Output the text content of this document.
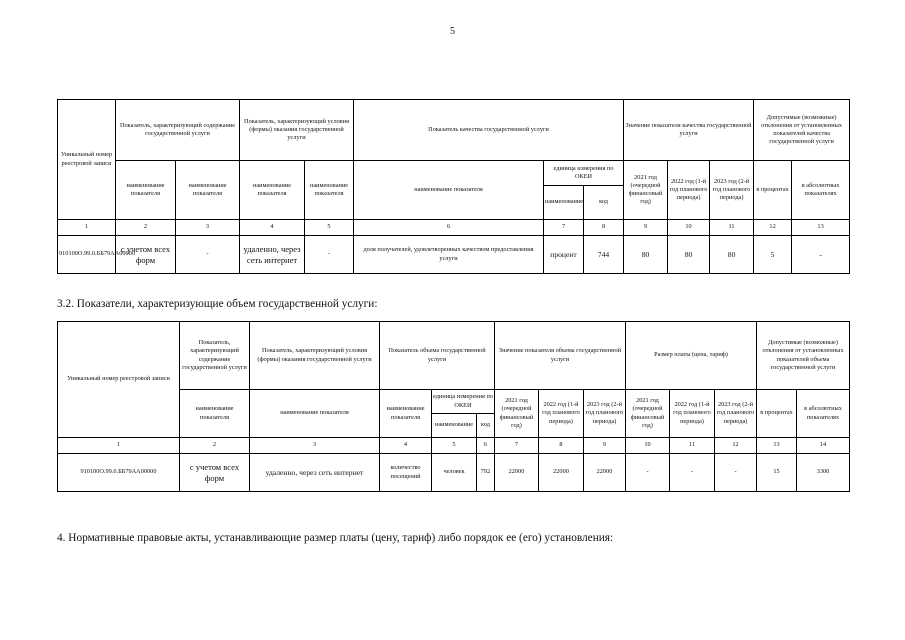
5
Уникальный номер реестровой записи	Показатель, характеризующий содержание государственной услуги		Показатель, характеризующий условия (формы) оказания государственной услуги		Показатель качества государственной услуги			Значение показателя качества государственной услуги			Допустимые (возможные) отклонения от установленных показателей качества государственной услуги	
	наименование показателя	наименование показателя	наименование показателя	наименование показателя	наименование показателя	единица измерения по ОКЕИ		2021 год (очередной финансовый год)	2022 год (1-й год планового периода)	2023 год (2-й год планового периода)	в процентах	в абсолютных показателях
						наименование	код					
1	2	3	4	5	6	7	8	9	10	11	12	13
910100О.99.0.ББ79АА00000	с учетом всех форм	-	удаленно, через сеть интернет	-	доля получателей, удовлетворенных качеством предоставления услуги	процент	744	80	80	80	5	-
3.2. Показатели, характеризующие объем государственной услуги:
Уникальный номер реестровой записи	Показатель, характеризующий содержание государственной услуги	Показатель, характеризующий условия (формы) оказания государственной услуги	Показатель объема государственной услуги			Значение показателя объема государственной услуги			Размер платы (цена, тариф)			Допустимые (возможные) отклонения от установленных показателей объема государственной услуги	
	наименование показателя	наименование показателя	наименование показателя	единица измерения по ОКЕИ		2021 год (очередной финансовый год)	2022 год (1-й год планового периода)	2023 год (2-й год планового периода)	2021 год (очередной финансовый год)	2022 год (1-й год планового периода)	2023 год (2-й год планового периода)	в процентах	в абсолютных показателях
				наименование	код								
1	2	3	4	5	6	7	8	9	10	11	12	13	14
910100О.99.0.ББ79АА00000	с учетом всех форм	удаленно, через сеть интернет	количество посещений	человек	792	22000	22000	22000	-	-	-	15	3300
4. Нормативные правовые акты, устанавливающие размер платы (цену, тариф) либо порядок ее (его) установления:
